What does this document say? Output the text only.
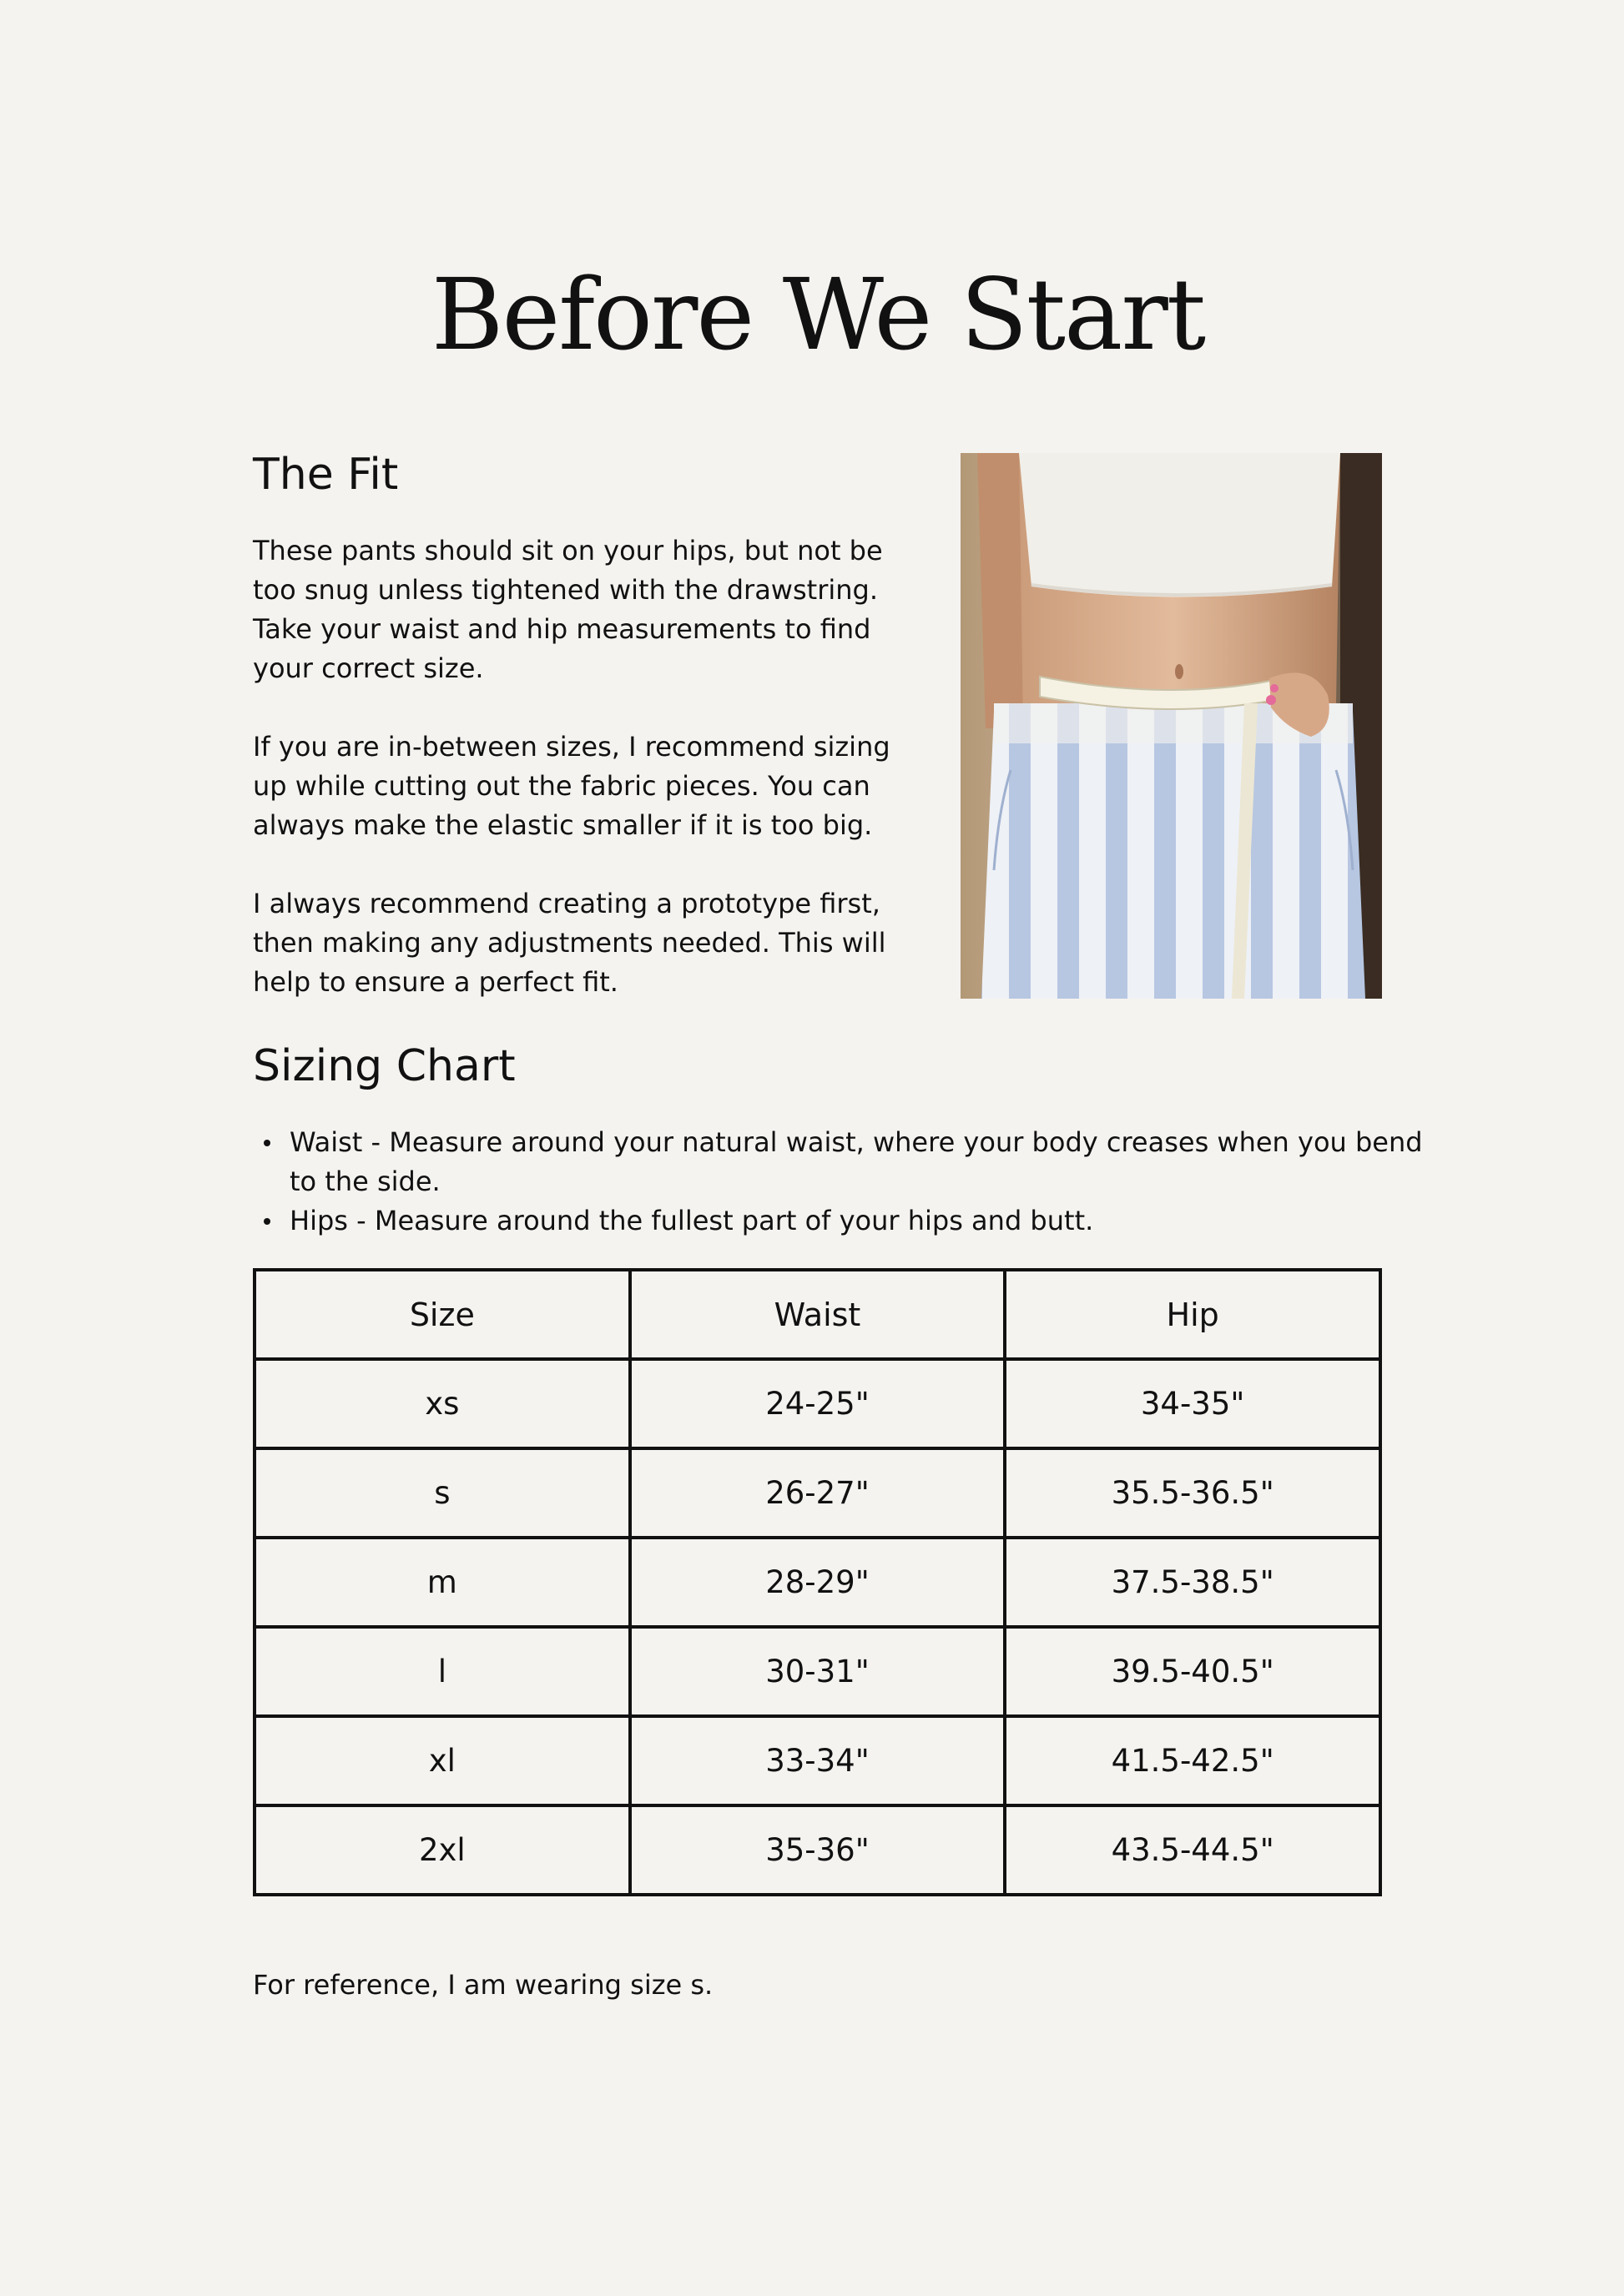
Before We Start
The Fit

These pants should sit on your hips, but not be too snug unless tightened with the drawstring. Take your waist and hip measurements to find your correct size.

If you are in-between sizes, I recommend sizing up while cutting out the fabric pieces. You can always make the elastic smaller if it is too big.

I always recommend creating a prototype first, then making any adjustments needed. This will help to ensure a perfect fit.

Sizing Chart
Waist - Measure around your natural waist, where your body creases when you bend to the side.
Hips - Measure around the fullest part of your hips and butt.
Size	Waist	Hip
xs	24-25"	34-35"
s	26-27"	35.5-36.5"
m	28-29"	37.5-38.5"
l	30-31"	39.5-40.5"
xl	33-34"	41.5-42.5"
2xl	35-36"	43.5-44.5"

For reference, I am wearing size s.
